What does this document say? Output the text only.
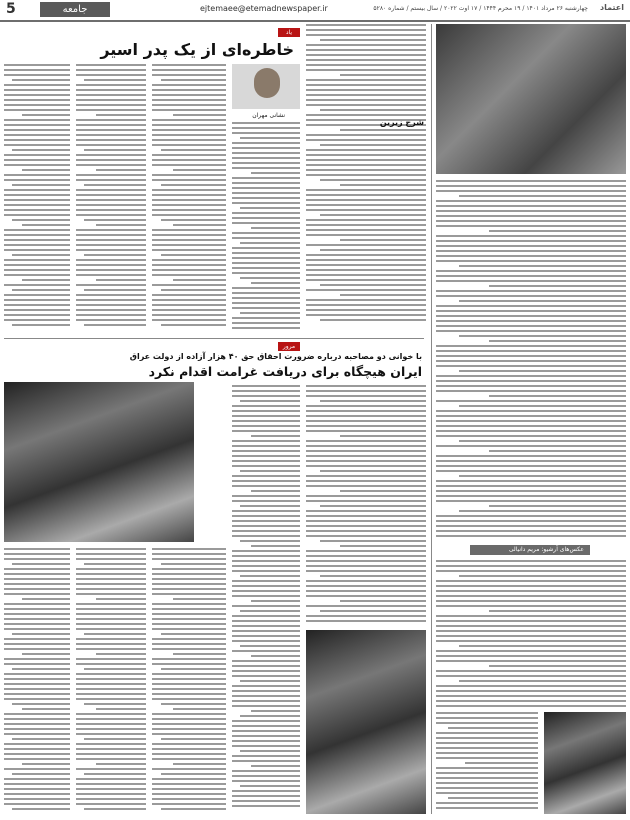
5	جامعه	ejtemaee@etemadnewspaper.ir	چهارشنبه ۲۶ مرداد ۱۴۰۱ / ۱۹ محرم ۱۴۴۴ / ۱۷ اوت ۲۰۲۲ / سال بیستم / شماره ۵۲۸۰ اعتماد
عکس‌های آرشیو: مریم دانیالی
شرح زیرین
یاد
خاطره‌ای از یک پدر اسیر
نشانی مهران
مرور
با خوانی دو مصاحبه درباره ضرورت احقاق حق ۴۰ هزار آزاده از دولت عراق
ایران هیچگاه برای دریافت غرامت اقدام نکرد
